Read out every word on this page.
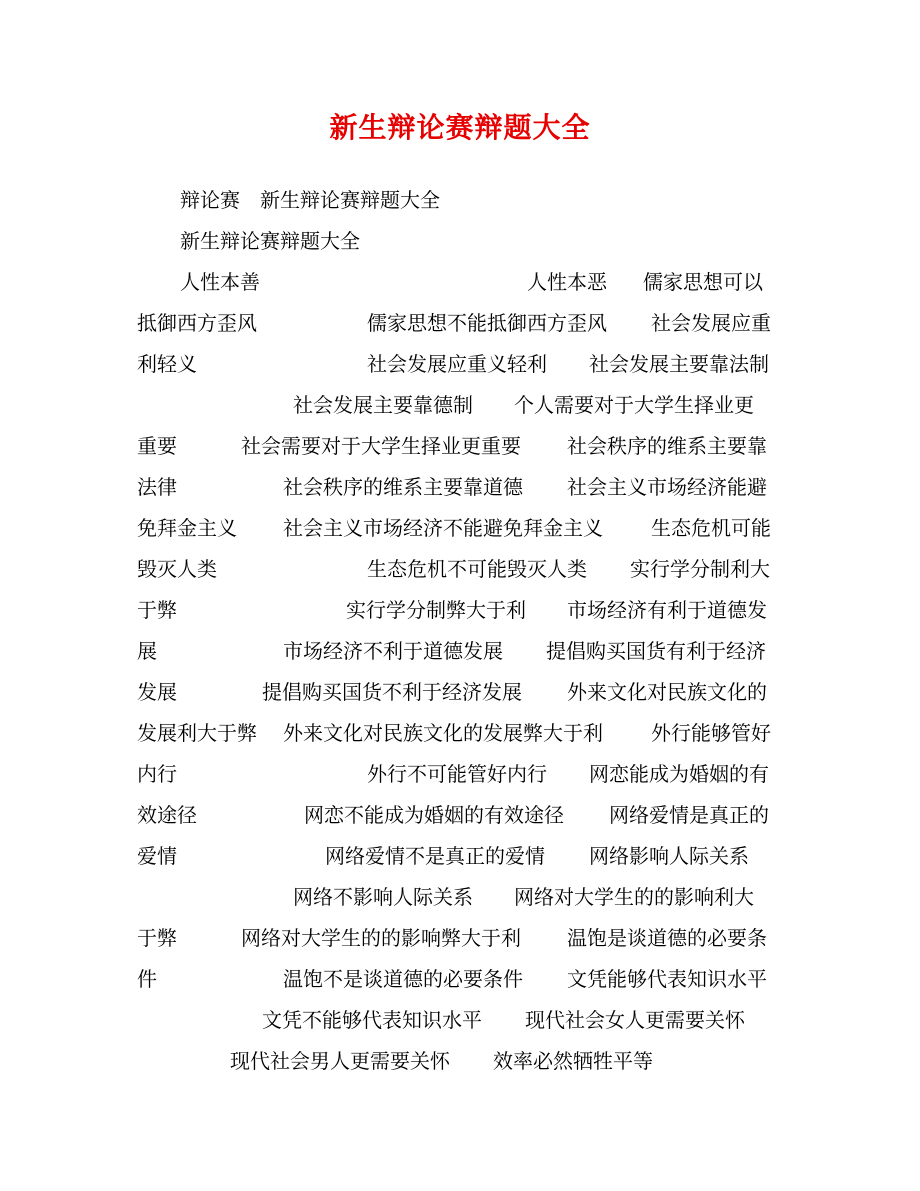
新生辩论赛辩题大全
辩论赛　新生辩论赛辩题大全
新生辩论赛辩题大全
人性本善	人性本恶 儒家思想可以
抵御西方歪风	儒家思想不能抵御西方歪风 社会发展应重
利轻义	社会发展应重义轻利 社会发展主要靠法制
社会发展主要靠德制 个人需要对于大学生择业更
重要	社会需要对于大学生择业更重要 社会秩序的维系主要靠
法律	社会秩序的维系主要靠道德 社会主义市场经济能避
免拜金主义 社会主义市场经济不能避免拜金主义 生态危机可能
毁灭人类	生态危机不可能毁灭人类 实行学分制利大
于弊	实行学分制弊大于利 市场经济有利于道德发
展	市场经济不利于道德发展 提倡购买国货有利于经济
发展	提倡购买国货不利于经济发展 外来文化对民族文化的
发展利大于弊 外来文化对民族文化的发展弊大于利 外行能够管好
内行	外行不可能管好内行 网恋能成为婚姻的有
效途径	网恋不能成为婚姻的有效途径 网络爱情是真正的
爱情	网络爱情不是真正的爱情 网络影响人际关系
网络不影响人际关系 网络对大学生的的影响利大
于弊	网络对大学生的的影响弊大于利 温饱是谈道德的必要条
件	温饱不是谈道德的必要条件 文凭能够代表知识水平
文凭不能够代表知识水平 现代社会女人更需要关怀
现代社会男人更需要关怀 效率必然牺牲平等
